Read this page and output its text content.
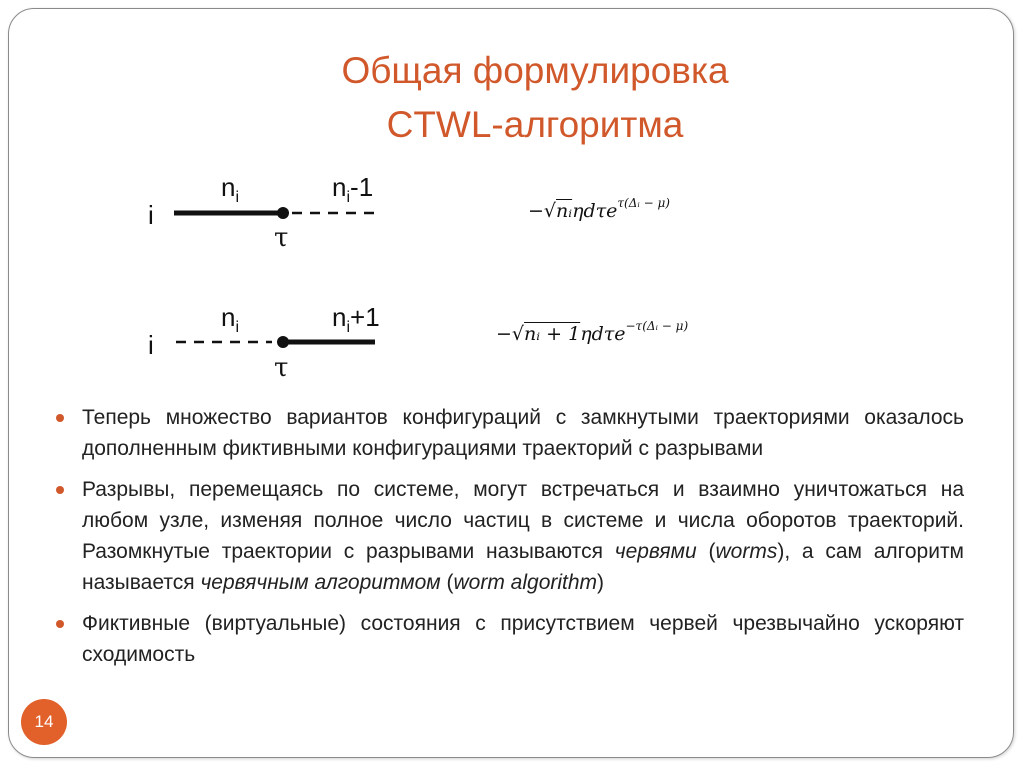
Общая формулировка
CTWL-алгоритма
i
$n_i$	$n_i-1$
τ
i
$n_i$	$n_i+1$
τ
−√nᵢηdτe$^{\tau(\Delta ᵢ - \mu)}$
−√nᵢ + 1ηdτe$^{-\tau(\Delta ᵢ - \mu)}$
Теперь множество вариантов конфигураций с замкнутыми траекториями оказалось дополненным фиктивными конфигурациями траекторий с разрывами
Разрывы, перемещаясь по системе, могут встречаться и взаимно уничтожаться на любом узле, изменяя полное число частиц в системе и числа оборотов траекторий. Разомкнутые траектории с разрывами называются червями (worms), а сам алгоритм называется червячным алгоритмом (worm algorithm)
Фиктивные (виртуальные) состояния с присутствием червей чрезвычайно ускоряют сходимость
14
